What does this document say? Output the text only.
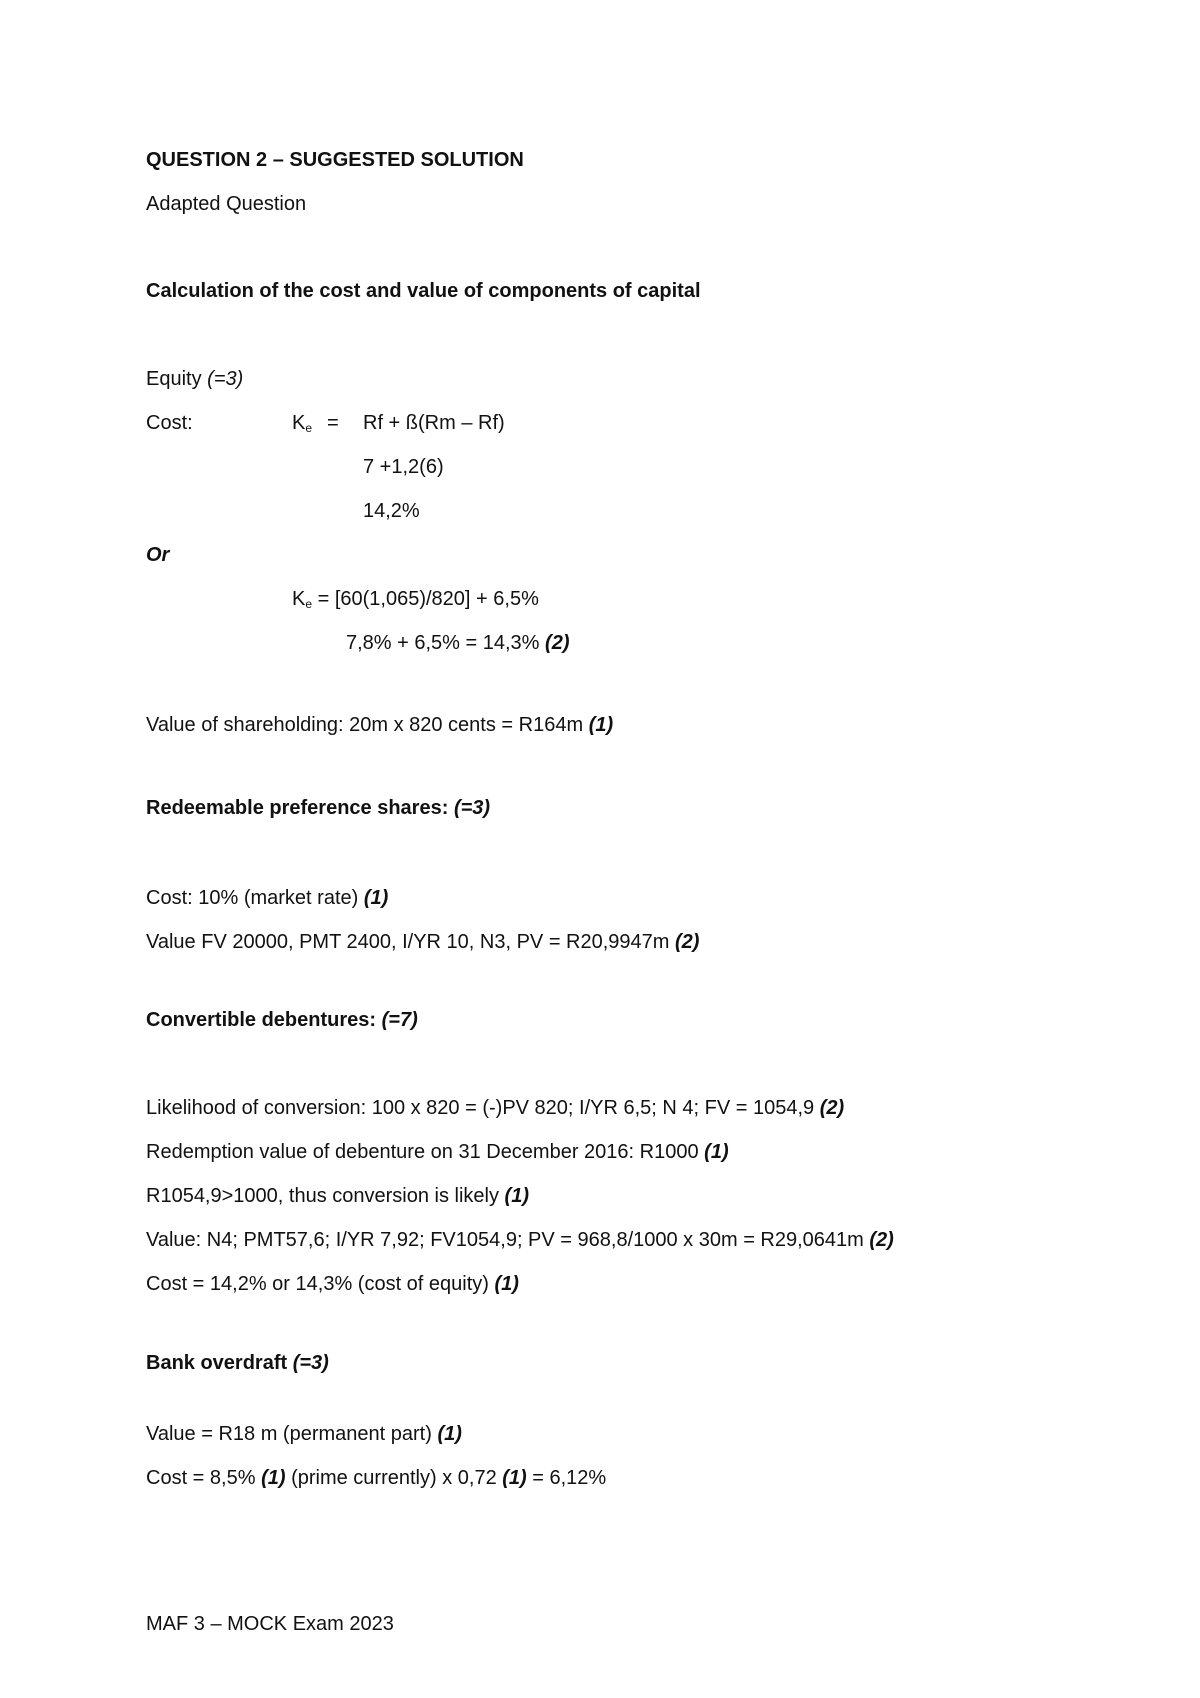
QUESTION 2 – SUGGESTED SOLUTION
Adapted Question
Calculation of the cost and value of components of capital
Equity (=3)
Cost:	$K_e = Rf$ + ß(Rm – Rf)
7 +1,2(6)
14,2%
Or
$K_e = [60(1,065)/820] + 6,5\%$
7,8% + 6,5% = 14,3% (2)
Value of shareholding: 20m x 820 cents = R164m (1)
Redeemable preference shares: (=3)
Cost: 10% (market rate) (1)
Value FV 20000, PMT 2400, I/YR 10, N3, PV = R20,9947m (2)
Convertible debentures: (=7)
Likelihood of conversion: 100 x 820 = (-)PV 820; I/YR 6,5; N 4; FV = 1054,9 (2)
Redemption value of debenture on 31 December 2016: R1000 (1)
R1054,9>1000, thus conversion is likely (1)
Value: N4; PMT57,6; I/YR 7,92; FV1054,9; PV = 968,8/1000 x 30m = R29,0641m (2)
Cost = 14,2% or 14,3% (cost of equity) (1)
Bank overdraft (=3)
Value = R18 m (permanent part) (1)
Cost = 8,5% (1) (prime currently) x 0,72 (1) = 6,12%
MAF 3 – MOCK Exam 2023
